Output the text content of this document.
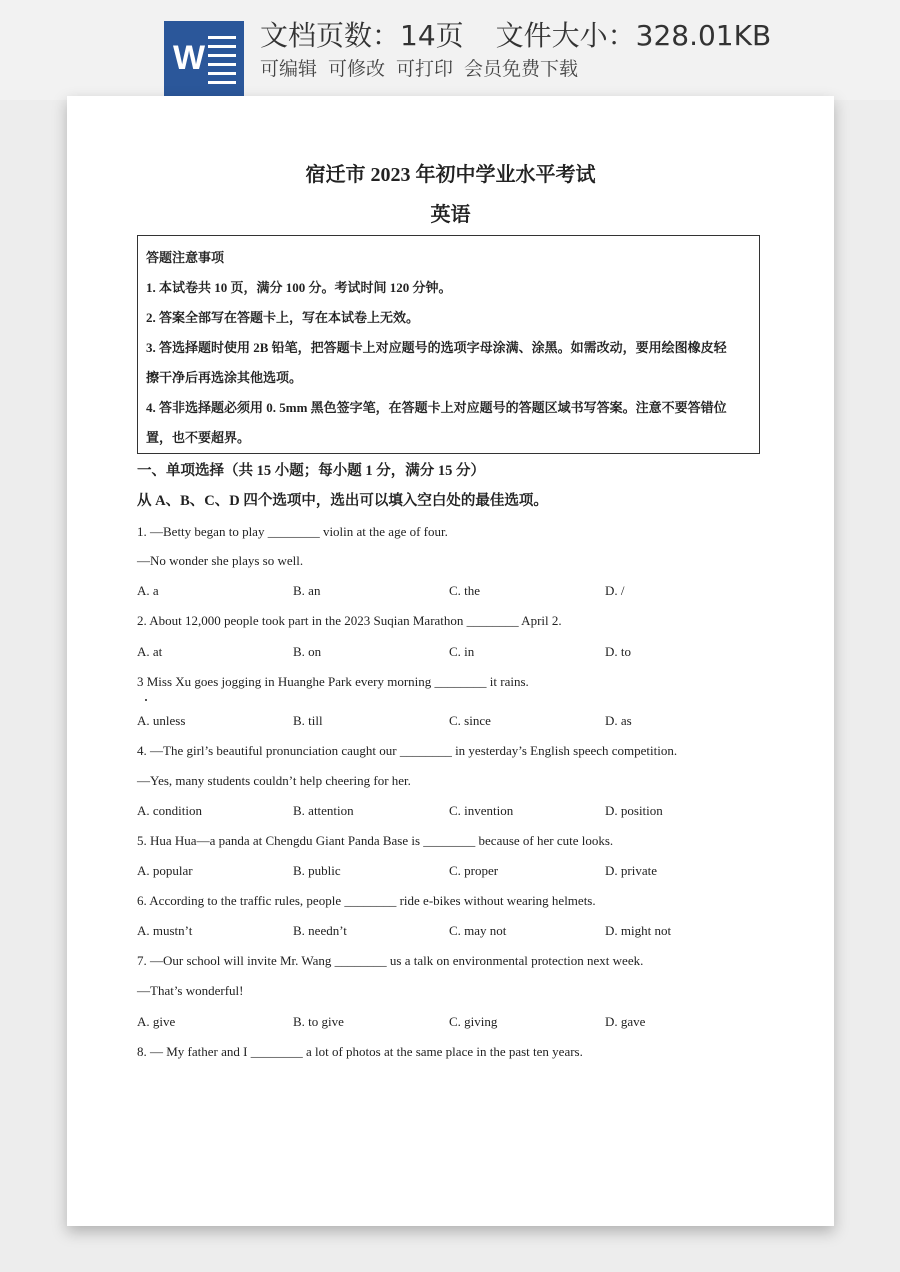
W
文档页数：14页 文件大小：328.01KB
可编辑 可修改 可打印 会员免费下载
宿迁市 2023 年初中学业水平考试
英语

答题注意事项

1. 本试卷共 10 页，满分 100 分。考试时间 120 分钟。

2. 答案全部写在答题卡上，写在本试卷上无效。

3. 答选择题时使用 2B 铅笔，把答题卡上对应题号的选项字母涂满、涂黑。如需改动，要用绘图橡皮轻

擦干净后再选涂其他选项。

4. 答非选择题必须用 0. 5mm 黑色签字笔，在答题卡上对应题号的答题区域书写答案。注意不要答错位

置，也不要超界。

一、单项选择（共 15 小题；每小题 1 分，满分 15 分）
从 A、B、C、D 四个选项中，选出可以填入空白处的最佳选项。
1. —Betty began to play ________ violin at the age of four.
—No wonder she plays so well.
A. a	B. an	C. the	D. /
2. About 12,000 people took part in the 2023 Suqian Marathon ________ April 2.
A. at	B. on	C. in	D. to
3 Miss Xu goes jogging in Huanghe Park every morning ________ it rains.
A. unless	B. till	C. since	D. as
4. —The girl’s beautiful pronunciation caught our ________ in yesterday’s English speech competition.
—Yes, many students couldn’t help cheering for her.
A. condition	B. attention	C. invention	D. position
5. Hua Hua—a panda at Chengdu Giant Panda Base is ________ because of her cute looks.
A. popular	B. public	C. proper	D. private
6. According to the traffic rules, people ________ ride e-bikes without wearing helmets.
A. mustn’t	B. needn’t	C. may not	D. might not
7. —Our school will invite Mr. Wang ________ us a talk on environmental protection next week.
—That’s wonderful!
A. give	B. to give	C. giving	D. gave
8. — My father and I ________ a lot of photos at the same place in the past ten years.
